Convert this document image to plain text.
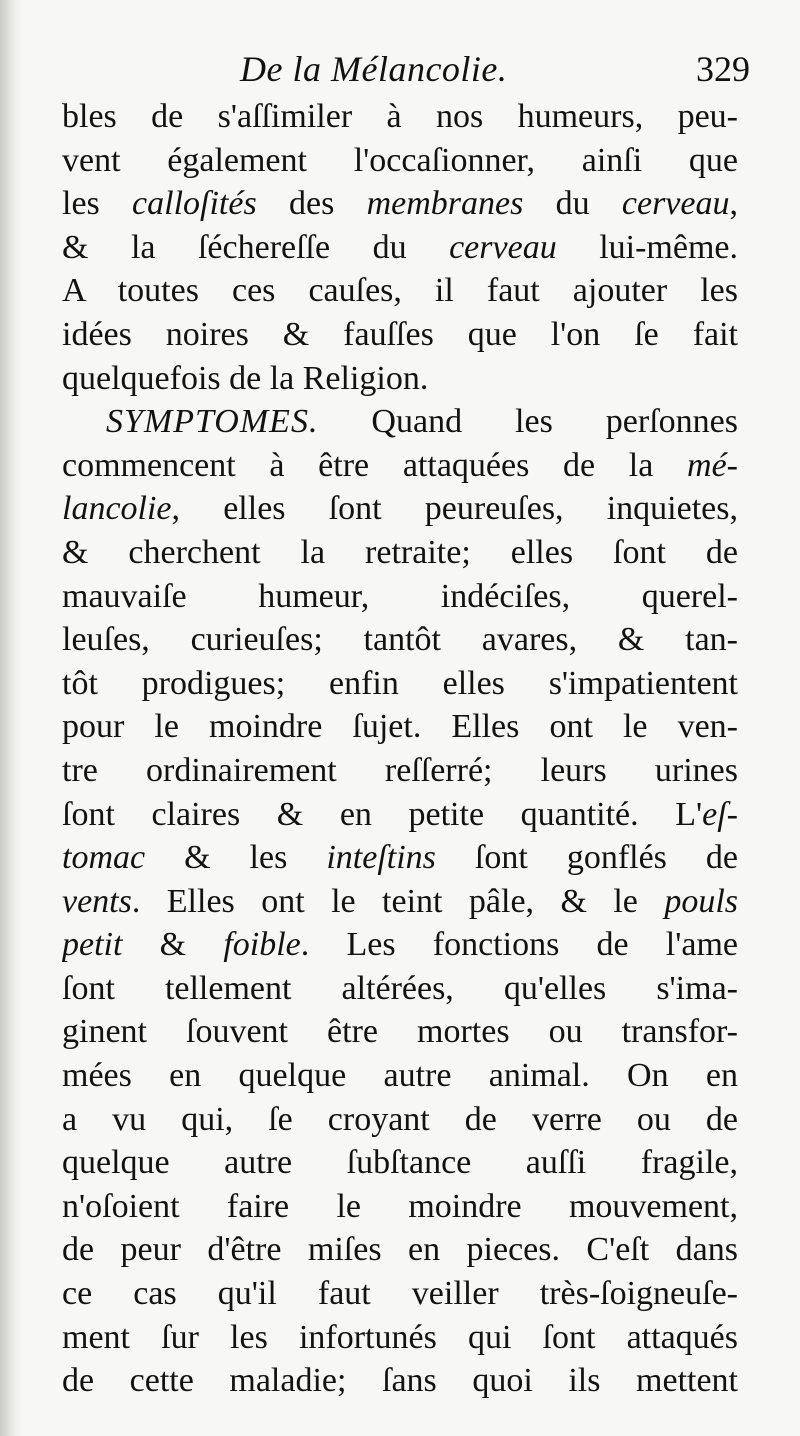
De la Mélancolie.	329
bles de s'aſſimiler à nos humeurs, peu-
vent également l'occaſionner, ainſi que
les calloſités des membranes du cerveau,
& la ſéchereſſe du cerveau lui-même.
A toutes ces cauſes, il faut ajouter les
idées noires & fauſſes que l'on ſe fait
quelquefois de la Religion.
SYMPTOMES. Quand les perſonnes
commencent à être attaquées de la mé-
lancolie, elles ſont peureuſes, inquietes,
& cherchent la retraite; elles ſont de
mauvaiſe humeur, indéciſes, querel-
leuſes, curieuſes; tantôt avares, & tan-
tôt prodigues; enfin elles s'impatientent
pour le moindre ſujet. Elles ont le ven-
tre ordinairement reſſerré; leurs urines
ſont claires & en petite quantité. L'eſ-
tomac & les inteſtins ſont gonflés de
vents. Elles ont le teint pâle, & le pouls
petit & foible. Les fonctions de l'ame
ſont tellement altérées, qu'elles s'ima-
ginent ſouvent être mortes ou transfor-
mées en quelque autre animal. On en
a vu qui, ſe croyant de verre ou de
quelque autre ſubſtance auſſi fragile,
n'oſoient faire le moindre mouvement,
de peur d'être miſes en pieces. C'eſt dans
ce cas qu'il faut veiller très-ſoigneuſe-
ment ſur les infortunés qui ſont attaqués
de cette maladie; ſans quoi ils mettent
